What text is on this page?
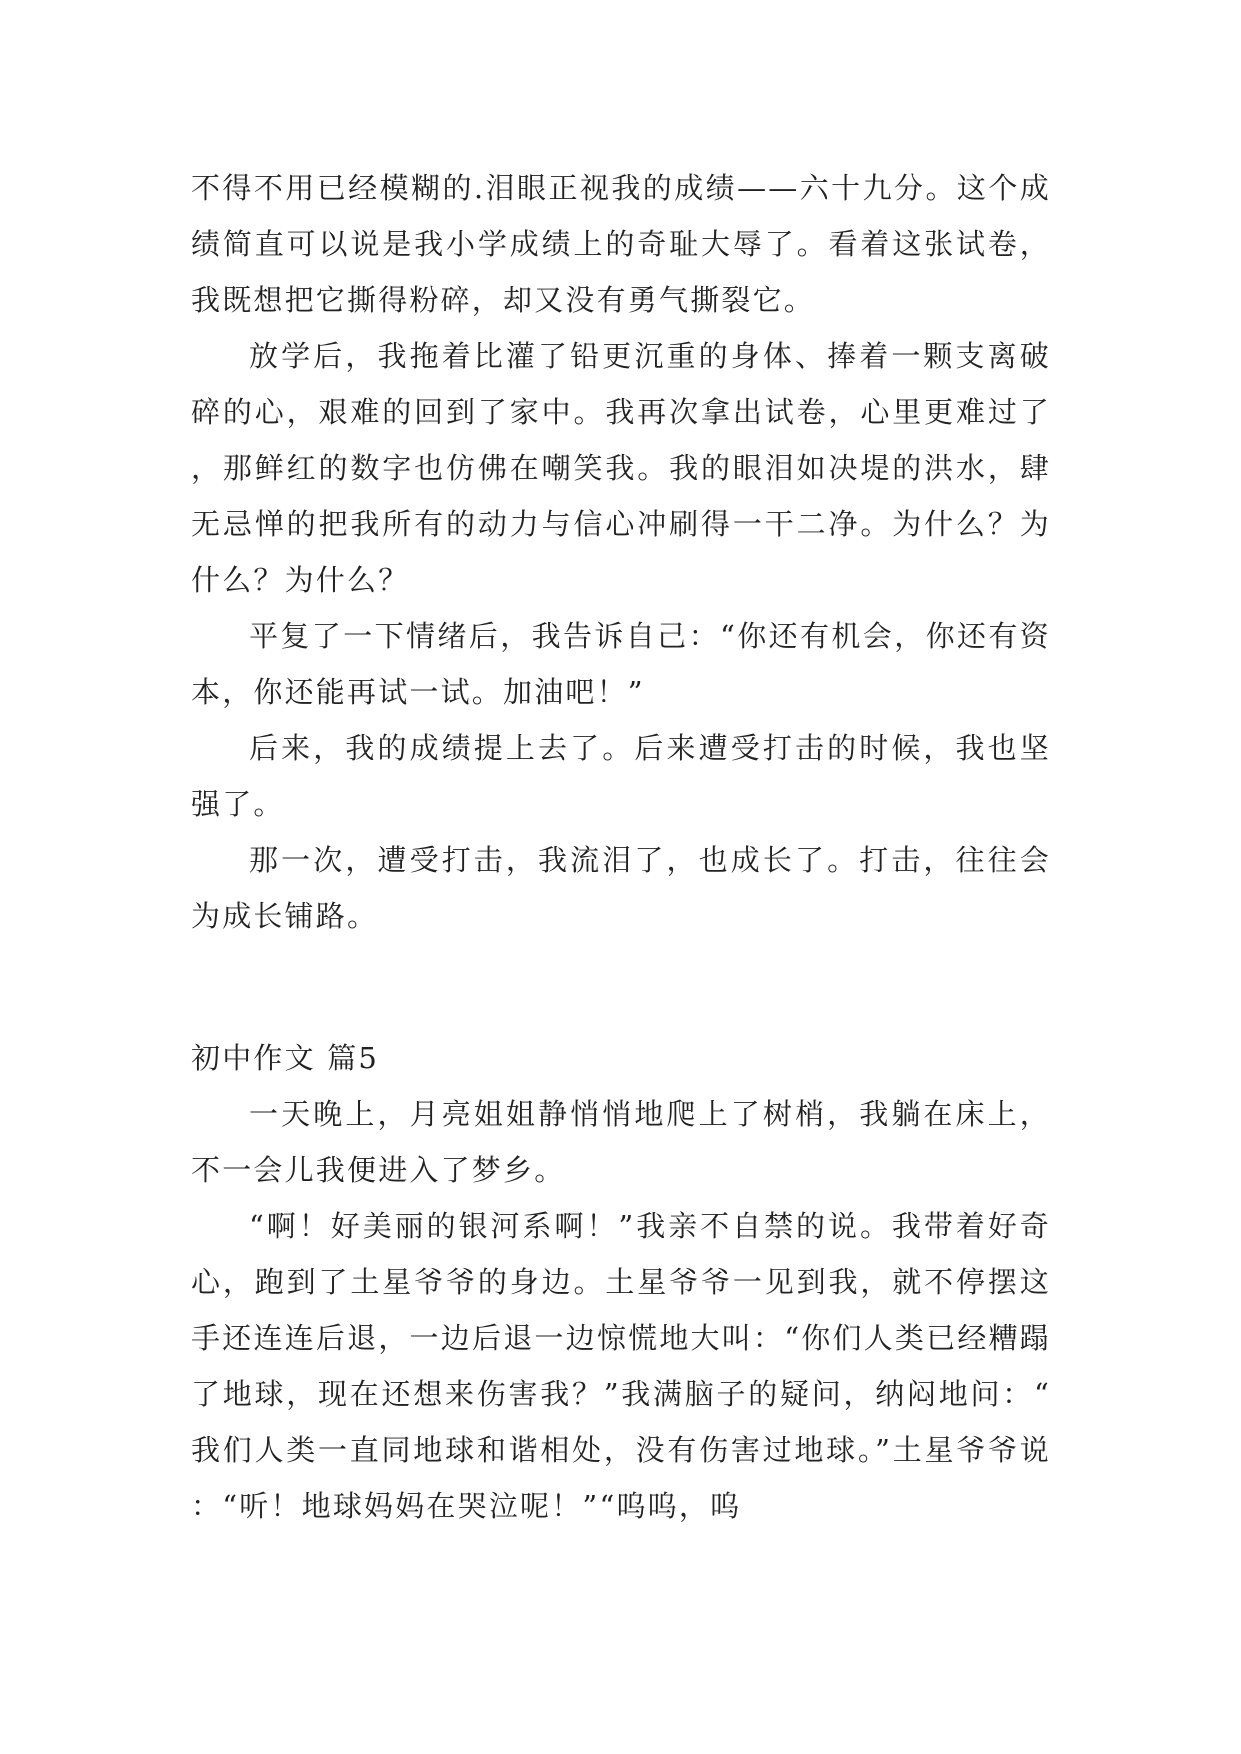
不得不用已经模糊的.泪眼正视我的成绩——六十九分。这个成绩简直可以说是我小学成绩上的奇耻大辱了。看着这张试卷，我既想把它撕得粉碎，却又没有勇气撕裂它。

放学后，我拖着比灌了铅更沉重的身体、捧着一颗支离破碎的心，艰难的回到了家中。我再次拿出试卷，心里更难过了，那鲜红的数字也仿佛在嘲笑我。我的眼泪如决堤的洪水，肆无忌惮的把我所有的动力与信心冲刷得一干二净。为什么？为什么？为什么？

平复了一下情绪后，我告诉自己：“你还有机会，你还有资本，你还能再试一试。加油吧！”

后来，我的成绩提上去了。后来遭受打击的时候，我也坚强了。

那一次，遭受打击，我流泪了，也成长了。打击，往往会为成长铺路。

初中作文 篇5

一天晚上，月亮姐姐静悄悄地爬上了树梢，我躺在床上，不一会儿我便进入了梦乡。

“啊！好美丽的银河系啊！”我亲不自禁的说。我带着好奇心，跑到了土星爷爷的身边。土星爷爷一见到我，就不停摆这手还连连后退，一边后退一边惊慌地大叫：“你们人类已经糟蹋了地球，现在还想来伤害我？”我满脑子的疑问，纳闷地问：“我们人类一直同地球和谐相处，没有伤害过地球。”土星爷爷说：“听！地球妈妈在哭泣呢！”“呜呜，呜
